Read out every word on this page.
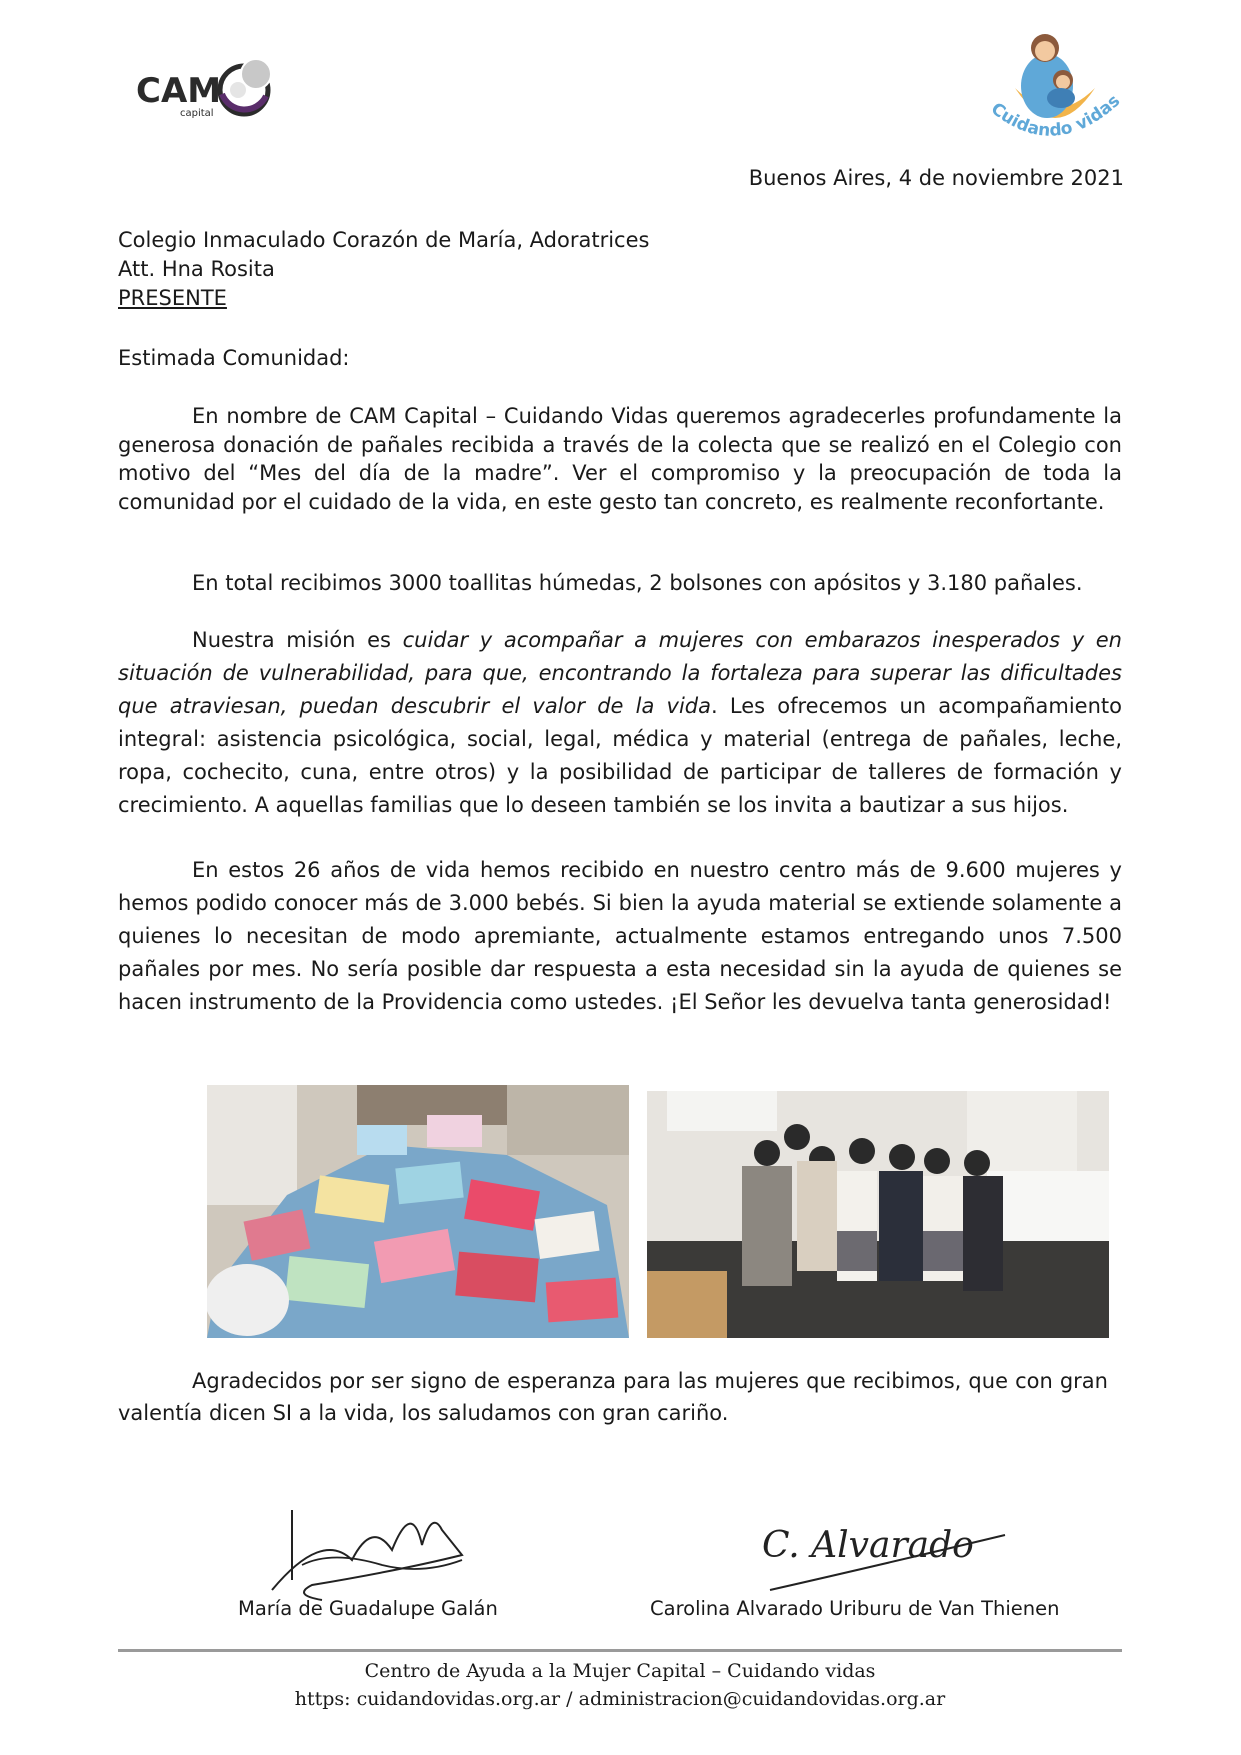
CAM
capital	Cuidando vidas
Buenos Aires, 4 de noviembre 2021
Colegio Inmaculado Corazón de María, Adoratrices
Att. Hna Rosita
PRESENTE
Estimada Comunidad:

En nombre de CAM Capital – Cuidando Vidas queremos agradecerles profundamente la generosa donación de pañales recibida a través de la colecta que se realizó en el Colegio con motivo del “Mes del día de la madre”. Ver el compromiso y la preocupación de toda la comunidad por el cuidado de la vida, en este gesto tan concreto, es realmente reconfortante.

En total recibimos 3000 toallitas húmedas, 2 bolsones con apósitos y 3.180 pañales.

Nuestra misión es cuidar y acompañar a mujeres con embarazos inesperados y en situación de vulnerabilidad, para que, encontrando la fortaleza para superar las dificultades que atraviesan, puedan descubrir el valor de la vida. Les ofrecemos un acompañamiento integral: asistencia psicológica, social, legal, médica y material (entrega de pañales, leche, ropa, cochecito, cuna, entre otros) y la posibilidad de participar de talleres de formación y crecimiento. A aquellas familias que lo deseen también se los invita a bautizar a sus hijos.

En estos 26 años de vida hemos recibido en nuestro centro más de 9.600 mujeres y hemos podido conocer más de 3.000 bebés. Si bien la ayuda material se extiende solamente a quienes lo necesitan de modo apremiante, actualmente estamos entregando unos 7.500 pañales por mes. No sería posible dar respuesta a esta necesidad sin la ayuda de quienes se hacen instrumento de la Providencia como ustedes. ¡El Señor les devuelva tanta generosidad!

Agradecidos por ser signo de esperanza para las mujeres que recibimos, que con gran valentía dicen SI a la vida, los saludamos con gran cariño.

María de Guadalupe Galán
C. Alvarado
Carolina Alvarado Uriburu de Van Thienen
Centro de Ayuda a la Mujer Capital – Cuidando vidas
https: cuidandovidas.org.ar / administracion@cuidandovidas.org.ar
